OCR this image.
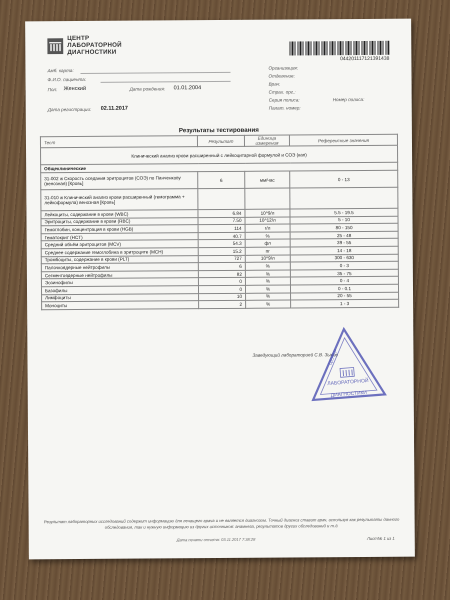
ЦЕНТР
ЛАБОРАТОРНОЙ
ДИАГНОСТИКИ
044201117121391438
Амб. карта:
Ф.И.О. пациента:
Пол: Женский	Дата рождения: 01.01.2004
Дата регистрации: 02.11.2017
Организация:
Отделение:
Врач:
Страх. орг.:
Серия полиса:	Номер полиса:
Палат. номер:
Результаты тестирования
Тест	Результат	Единица измерения	Референсные значения
Клинический анализ крови расширенный с лейкоцитарной формулой и СОЭ (кап)			
Общеклинические			
31-002 ж Скорость оседания эритроцитов (СОЭ) по Панченкову (венозная) [Кровь]	6	мм/час	0 - 13
31-010 ж Клинический анализ крови расширенный (гемограмма + лейкоформула) венозная [Кровь]			
Лейкоциты, содержание в крови (WBC)	6.84	10^9/л	5.5 - 19.5
Эритроциты, содержание в крови (RBC)	7.50	10^12/л	5 - 10
Гемоглобин, концентрация в крови (HGB)	114	г/л	80 - 150
Гематокрит (HCT)	40.7	%	25 - 48
Средний объём эритроцитов (MCV)	54.3	фл	39 - 55
Среднее содержание гемоглобина в эритроците (MCH)	15.2	пг	14 - 18
Тромбоциты, содержание в крови (PLT)	727	10^9/л	300 - 630
Палочкоядерные нейтрофилы	6	%	0 - 3
Сегментоядерные нейтрофилы	82	%	35 - 75
Эозинофилы	0	%	0 - 4
Базофилы	0	%	0 - 0.1
Лимфоциты	10	%	20 - 55
Моноциты	2	%	1 - 3
Заведующий лабораторией С.В. Зыков
ЛАБОРАТОРНОЙ
ДИАГНОСТИКИ
ЦЕНТР
Результат лабораторных исследований содержит информацию для лечащего врача и не является диагнозом. Точный диагноз ставит врач, используя как результаты данного обследования, так и нужную информацию из других источников: анамнеза, результатов других обследований и т.д.
Дата печати отчета: 03.11.2017 7:38:28	Лист№ 1 из 1
